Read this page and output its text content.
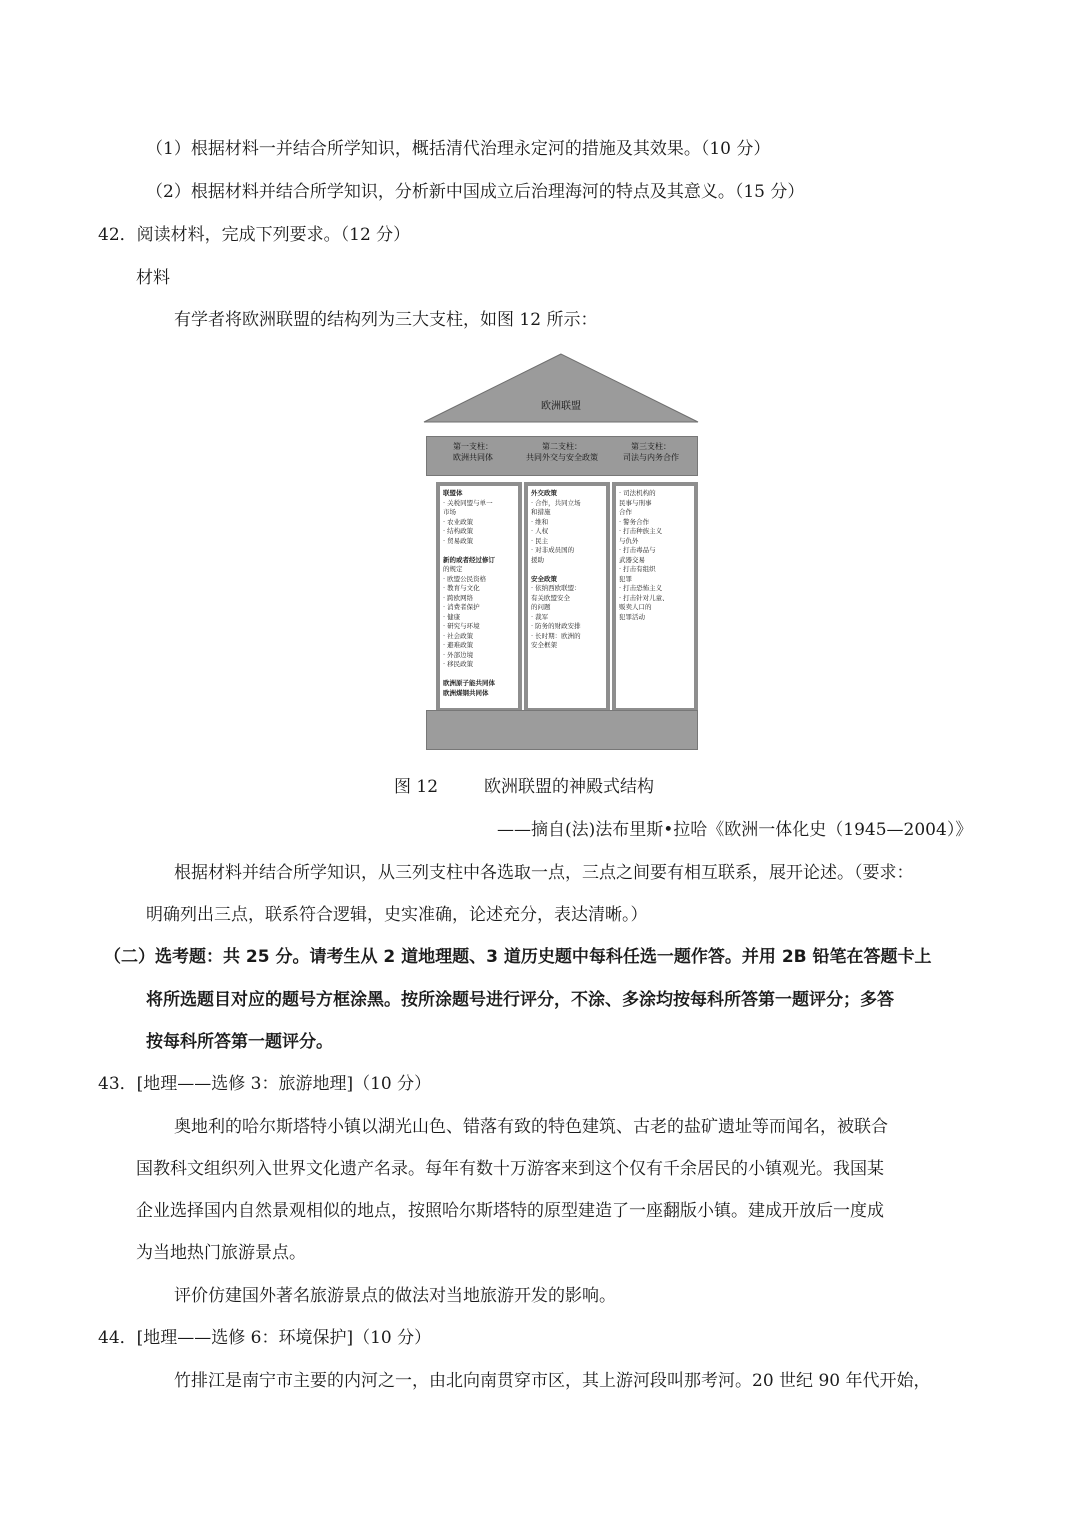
（1）根据材料一并结合所学知识，概括清代治理永定河的措施及其效果。（10 分）
（2）根据材料并结合所学知识，分析新中国成立后治理海河的特点及其意义。（15 分）
42．阅读材料，完成下列要求。（12 分）
材料
有学者将欧洲联盟的结构列为三大支柱，如图 12 所示：
欧洲联盟
第一支柱：
欧洲共同体
第二支柱：
共同外交与安全政策
第三支柱：
司法与内务合作
联盟体
· 关税同盟与单一
市场
· 农业政策
· 结构政策
· 贸易政策

新的或者经过修订
的规定
· 欧盟公民资格
· 教育与文化
· 跨欧网络
· 消费者保护
· 健康
· 研究与环境
· 社会政策
· 避难政策
· 外部边境
· 移民政策

欧洲原子能共同体
欧洲煤钢共同体
外交政策
· 合作，共同立场
和措施
· 维和
· 人权
· 民主
· 对非成员国的
援助

安全政策
· 依纳西欧联盟：
有关欧盟安全
的问题
· 裁军
· 防务的财政安排
· 长时期：欧洲的
安全框架
· 司法机构的
民事与刑事
合作
· 警务合作
· 打击种族主义
与仇外
· 打击毒品与
武器交易
· 打击有组织
犯罪
· 打击恐怖主义
· 打击针对儿童、
贩卖人口的
犯罪活动
图 12	欧洲联盟的神殿式结构
——摘自(法)法布里斯•拉哈《欧洲一体化史（1945—2004）》
根据材料并结合所学知识，从三列支柱中各选取一点，三点之间要有相互联系，展开论述。（要求：
明确列出三点，联系符合逻辑，史实准确，论述充分，表达清晰。）
（二）选考题：共 25 分。请考生从 2 道地理题、3 道历史题中每科任选一题作答。并用 2B 铅笔在答题卡上
将所选题目对应的题号方框涂黑。按所涂题号进行评分，不涂、多涂均按每科所答第一题评分；多答
按每科所答第一题评分。
43．[地理——选修 3：旅游地理]（10 分）
奥地利的哈尔斯塔特小镇以湖光山色、错落有致的特色建筑、古老的盐矿遗址等而闻名，被联合
国教科文组织列入世界文化遗产名录。每年有数十万游客来到这个仅有千余居民的小镇观光。我国某
企业选择国内自然景观相似的地点，按照哈尔斯塔特的原型建造了一座翻版小镇。建成开放后一度成
为当地热门旅游景点。
评价仿建国外著名旅游景点的做法对当地旅游开发的影响。
44．[地理——选修 6：环境保护]（10 分）
竹排江是南宁市主要的内河之一，由北向南贯穿市区，其上游河段叫那考河。20 世纪 90 年代开始，
